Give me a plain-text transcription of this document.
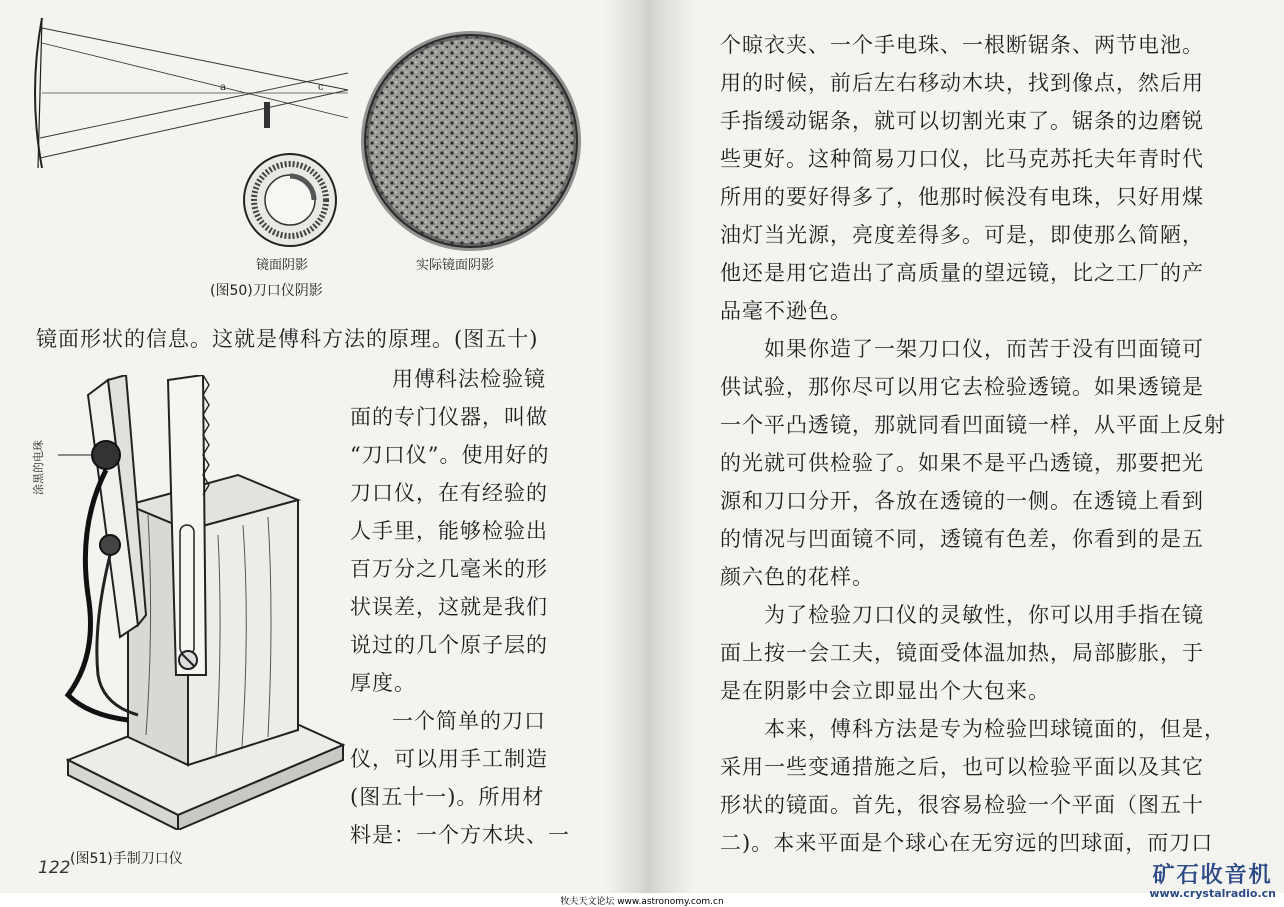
a	c
镜面阴影	实际镜面阴影
(图50)刀口仪阴影
镜面形状的信息。这就是傅科方法的原理。(图五十)
用傅科法检验镜
面的专门仪器，叫做
“刀口仪”。使用好的
刀口仪，在有经验的
人手里，能够检验出
百万分之几毫米的形
状误差，这就是我们
说过的几个原子层的
厚度。
一个简单的刀口
仪，可以用手工制造
(图五十一)。所用材
料是：一个方木块、一
涂黑的电珠
(图51)手制刀口仪
个晾衣夹、一个手电珠、一根断锯条、两节电池。
用的时候，前后左右移动木块，找到像点，然后用
手指缓动锯条，就可以切割光束了。锯条的边磨锐
些更好。这种简易刀口仪，比马克苏托夫年青时代
所用的要好得多了，他那时候没有电珠，只好用煤
油灯当光源，亮度差得多。可是，即使那么简陋，
他还是用它造出了高质量的望远镜，比之工厂的产
品毫不逊色。
如果你造了一架刀口仪，而苦于没有凹面镜可
供试验，那你尽可以用它去检验透镜。如果透镜是
一个平凸透镜，那就同看凹面镜一样，从平面上反射
的光就可供检验了。如果不是平凸透镜，那要把光
源和刀口分开，各放在透镜的一侧。在透镜上看到
的情况与凹面镜不同，透镜有色差，你看到的是五
颜六色的花样。
为了检验刀口仪的灵敏性，你可以用手指在镜
面上按一会工夫，镜面受体温加热，局部膨胀，于
是在阴影中会立即显出个大包来。
本来，傅科方法是专为检验凹球镜面的，但是，
采用一些变通措施之后，也可以检验平面以及其它
形状的镜面。首先，很容易检验一个平面（图五十
二)。本来平面是个球心在无穷远的凹球面，而刀口
122	矿石收音机
www.crystalradio.cn
牧夫天文论坛 www.astronomy.com.cn
